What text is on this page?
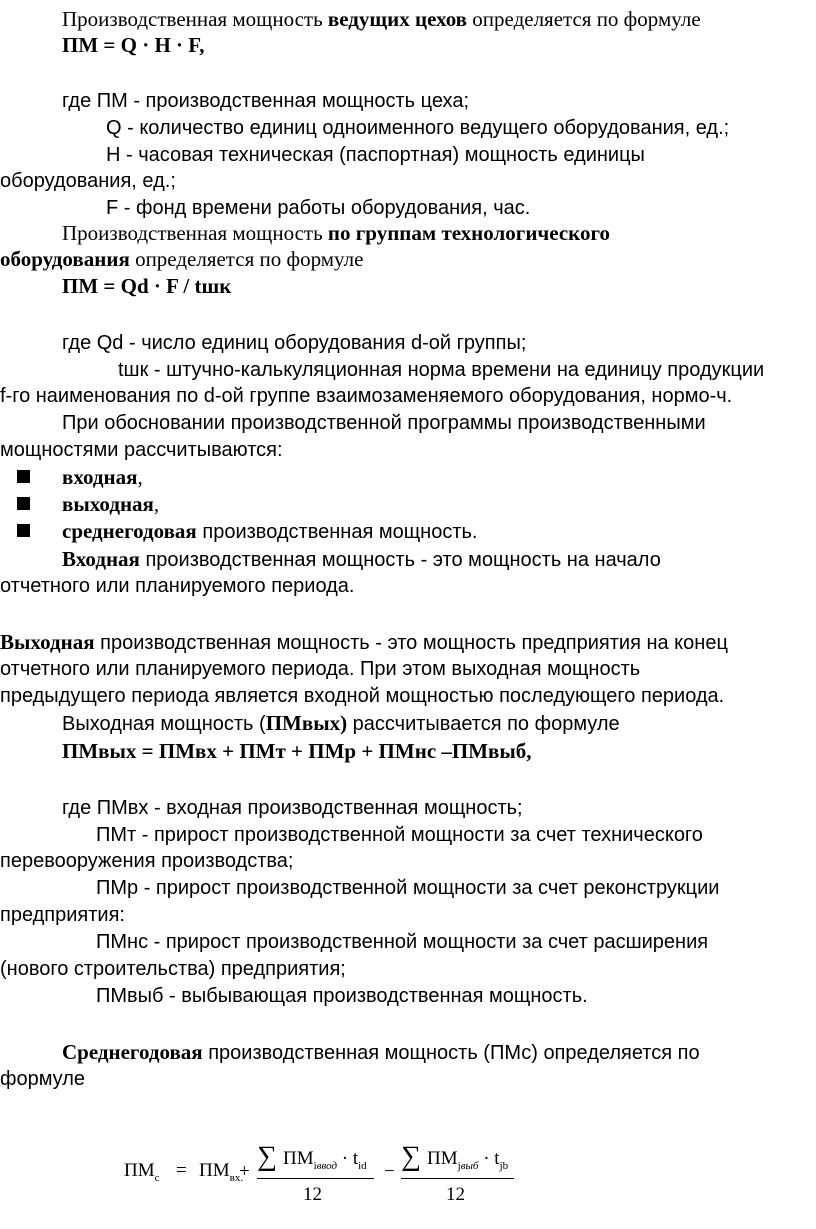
Производственная мощность ведущих цехов определяется по формуле
ПМ = Q · H · F,
где ПМ - производственная мощность цеха;
Q - количество единиц одноименного ведущего оборудования, ед.;
H - часовая техническая (паспортная) мощность единицы
оборудования, ед.;
F - фонд времени работы оборудования, час.
Производственная мощность по группам технологического
оборудования определяется по формуле
ПМ = Qd · F / tшк
где Qd - число единиц оборудования d-ой группы;
tшк - штучно-калькуляционная норма времени на единицу продукции
f-го наименования по d-ой группе взаимозаменяемого оборудования, нормо-ч.
При обосновании производственной программы производственными
мощностями рассчитываются:
входная,
выходная,
среднегодовая производственная мощность.
Входная производственная мощность - это мощность на начало
отчетного или планируемого периода.
Выходная производственная мощность - это мощность предприятия на конец
отчетного или планируемого периода. При этом выходная мощность
предыдущего периода является входной мощностью последующего периода.
Выходная мощность (ПМвых) рассчитывается по формуле
ПМвых = ПМвх + ПМт + ПМр + ПМнс –ПМвыб,
где ПМвх - входная производственная мощность;
ПМт - прирост производственной мощности за счет технического
перевооружения производства;
ПМр - прирост производственной мощности за счет реконструкции
предприятия:
ПМнс - прирост производственной мощности за счет расширения
(нового строительства) предприятия;
ПМвыб - выбывающая производственная мощность.
Среднегодовая производственная мощность (ПМс) определяется по
формуле
$ПМ_с = ПМ_{вх.}$
+ ∑ $ПМ_{iввод} \cdot t_{id}$
12
− ∑ $ПМ_{jвыб} \cdot t_{jb}$
12
